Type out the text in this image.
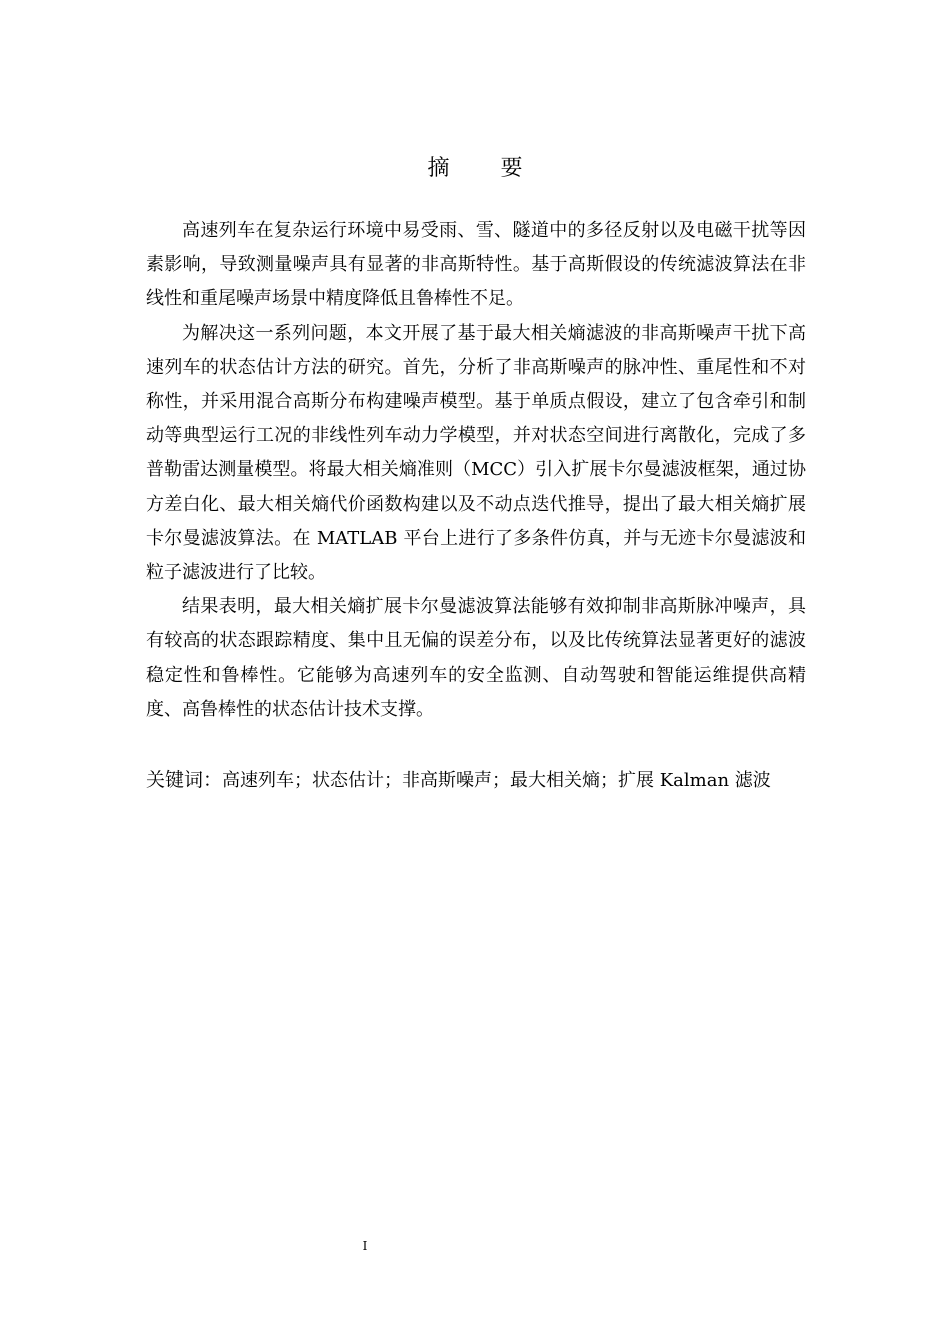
摘 要

高速列车在复杂运行环境中易受雨、雪、隧道中的多径反射以及电磁干扰等因素影响，导致测量噪声具有显著的非高斯特性。基于高斯假设的传统滤波算法在非线性和重尾噪声场景中精度降低且鲁棒性不足。

为解决这一系列问题，本文开展了基于最大相关熵滤波的非高斯噪声干扰下高速列车的状态估计方法的研究。首先，分析了非高斯噪声的脉冲性、重尾性和不对称性，并采用混合高斯分布构建噪声模型。基于单质点假设，建立了包含牵引和制动等典型运行工况的非线性列车动力学模型，并对状态空间进行离散化，完成了多普勒雷达测量模型。将最大相关熵准则（MCC）引入扩展卡尔曼滤波框架，通过协方差白化、最大相关熵代价函数构建以及不动点迭代推导，提出了最大相关熵扩展卡尔曼滤波算法。在 MATLAB 平台上进行了多条件仿真，并与无迹卡尔曼滤波和粒子滤波进行了比较。

结果表明，最大相关熵扩展卡尔曼滤波算法能够有效抑制非高斯脉冲噪声，具有较高的状态跟踪精度、集中且无偏的误差分布，以及比传统算法显著更好的滤波稳定性和鲁棒性。它能够为高速列车的安全监测、自动驾驶和智能运维提供高精度、高鲁棒性的状态估计技术支撑。

关键词：高速列车；状态估计；非高斯噪声；最大相关熵；扩展 Kalman 滤波
I
